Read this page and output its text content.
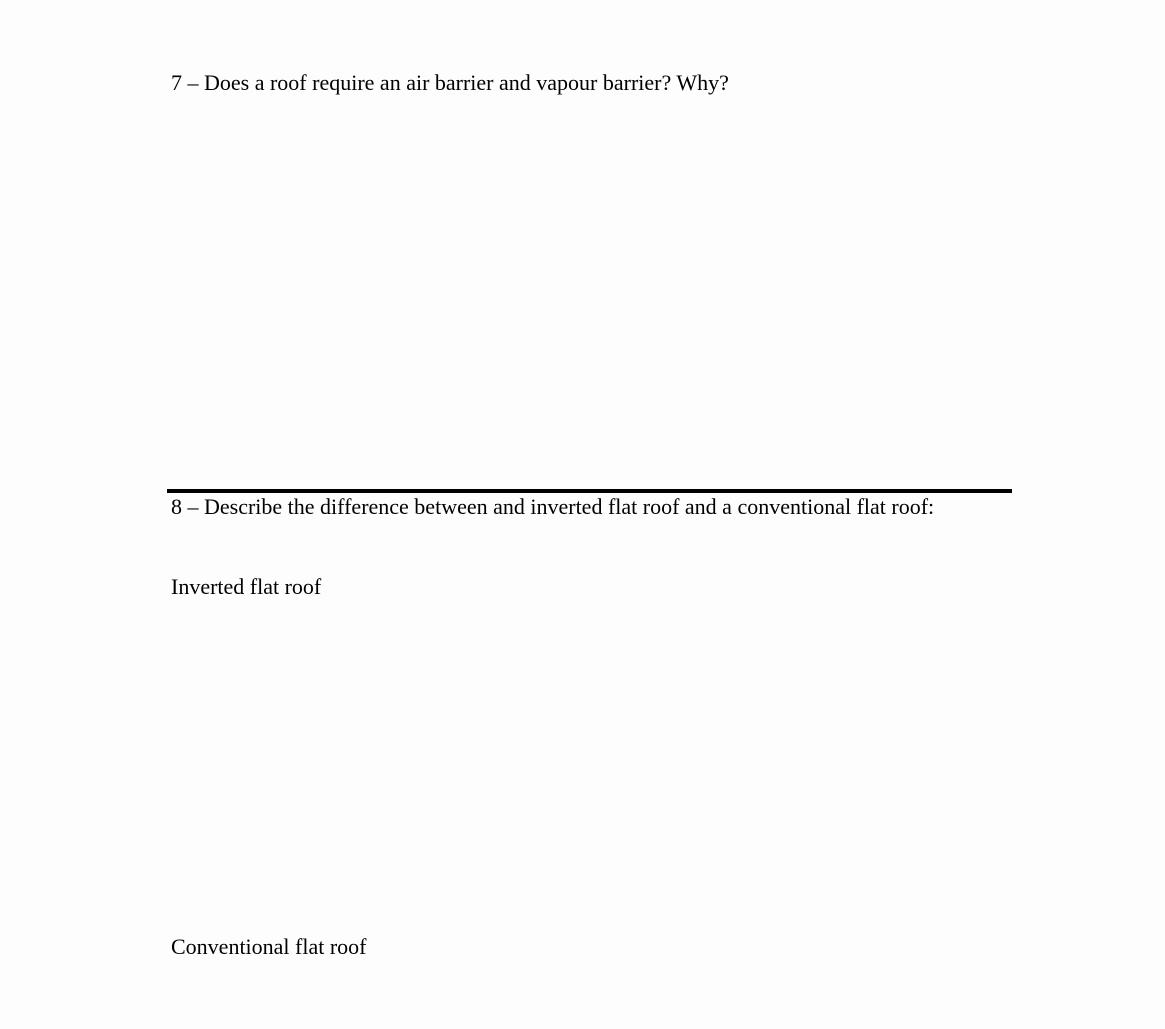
7 – Does a roof require an air barrier and vapour barrier? Why?
8 – Describe the difference between and inverted flat roof and a conventional flat roof:
Inverted flat roof
Conventional flat roof
